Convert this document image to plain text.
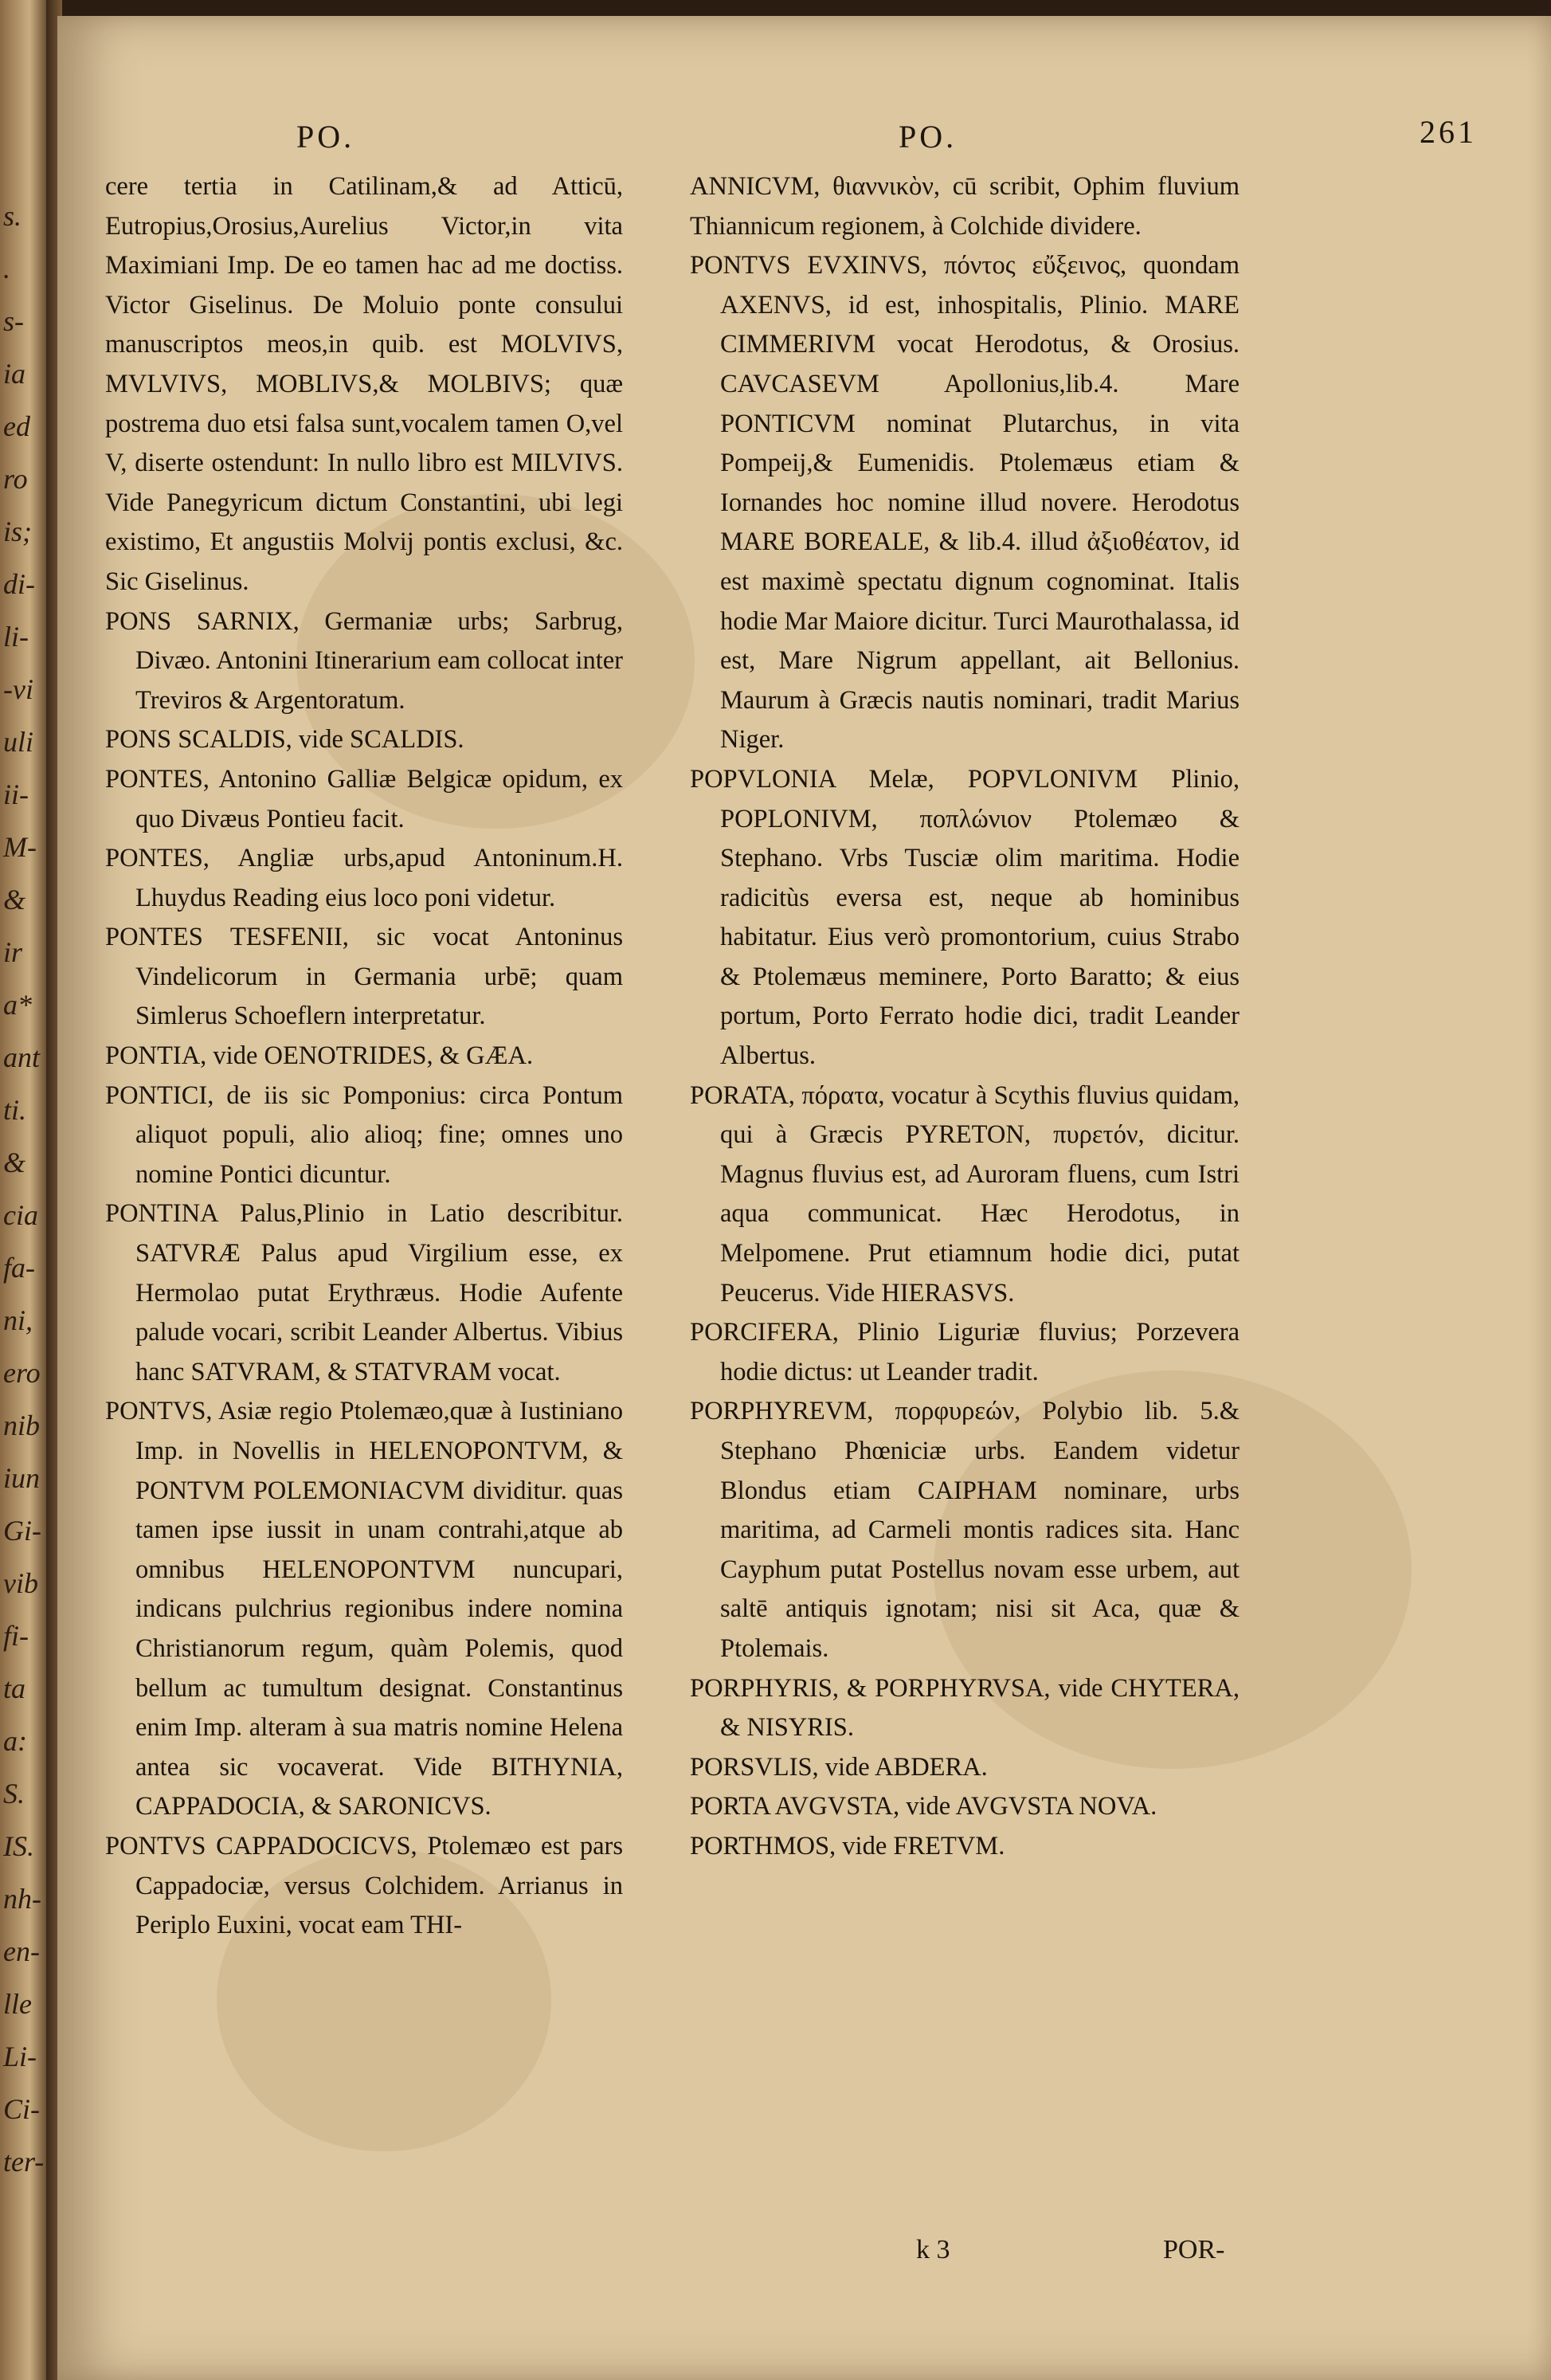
s.
.
s-
ia
ed
ro
is;
di-
li-
-vi
uli
ii-
M-
&
ir
a*
ant
ti.
&
cia
fa-
ni,
ero
nib
iun
Gi-
vib
fi-
ta
a:
S.
IS.
nh-
en-
lle
Li-
Ci-
ter-
PO.	PO.	261

cere tertia in Catilinam,& ad Atticū, Eutropius,Orosius,Aurelius Victor,in vita Maximiani Imp. De eo tamen hac ad me doctiss. Victor Giselinus. De Moluio ponte consului manuscriptos meos,in quib. est MOLVIVS, MVLVIVS, MOBLIVS,& MOLBIVS; quæ postrema duo etsi falsa sunt,vocalem tamen O,vel V, diserte ostendunt: In nullo libro est MILVIVS. Vide Panegyricum dictum Constantini, ubi legi existimo, Et angustiis Molvij pontis exclusi, &c. Sic Giselinus.

PONS SARNIX, Germaniæ urbs; Sarbrug, Divæo. Antonini Itinerarium eam collocat inter Treviros & Argentoratum.

PONS SCALDIS, vide SCALDIS.

PONTES, Antonino Galliæ Belgicæ opidum, ex quo Divæus Pontieu facit.

PONTES, Angliæ urbs,apud Antoninum.H. Lhuydus Reading eius loco poni videtur.

PONTES TESFENII, sic vocat Antoninus Vindelicorum in Germania urbē; quam Simlerus Schoeflern interpretatur.

PONTIA, vide OENOTRIDES, & GÆA.

PONTICI, de iis sic Pomponius: circa Pontum aliquot populi, alio alioq; fine; omnes uno nomine Pontici dicuntur.

PONTINA Palus,Plinio in Latio describitur. SATVRÆ Palus apud Virgilium esse, ex Hermolao putat Erythræus. Hodie Aufente palude vocari, scribit Leander Albertus. Vibius hanc SATVRAM, & STATVRAM vocat.

PONTVS, Asiæ regio Ptolemæo,quæ à Iustiniano Imp. in Novellis in HELENOPONTVM, & PONTVM POLEMONIACVM dividitur. quas tamen ipse iussit in unam contrahi,atque ab omnibus HELENOPONTVM nuncupari, indicans pulchrius regionibus indere nomina Christianorum regum, quàm Polemis, quod bellum ac tumultum designat. Constantinus enim Imp. alteram à sua matris nomine Helena antea sic vocaverat. Vide BITHYNIA, CAPPADOCIA, & SARONICVS.

PONTVS CAPPADOCICVS, Ptolemæo est pars Cappadociæ, versus Colchidem. Arrianus in Periplo Euxini, vocat eam THI-

ANNICVM, θιαννικὸν, cū scribit, Ophim fluvium Thiannicum regionem, à Colchide dividere.

PONTVS EVXINVS, πόντος εὔξεινος, quondam AXENVS, id est, inhospitalis, Plinio. MARE CIMMERIVM vocat Herodotus, & Orosius. CAVCASEVM Apollonius,lib.4. Mare PONTICVM nominat Plutarchus, in vita Pompeij,& Eumenidis. Ptolemæus etiam & Iornandes hoc nomine illud novere. Herodotus MARE BOREALE, & lib.4. illud ἀξιοθέατον, id est maximè spectatu dignum cognominat. Italis hodie Mar Maiore dicitur. Turci Maurothalassa, id est, Mare Nigrum appellant, ait Bellonius. Maurum à Græcis nautis nominari, tradit Marius Niger.

POPVLONIA Melæ, POPVLONIVM Plinio, POPLONIVM, ποπλώνιον Ptolemæo & Stephano. Vrbs Tusciæ olim maritima. Hodie radicitùs eversa est, neque ab hominibus habitatur. Eius verò promontorium, cuius Strabo & Ptolemæus meminere, Porto Baratto; & eius portum, Porto Ferrato hodie dici, tradit Leander Albertus.

PORATA, πόρατα, vocatur à Scythis fluvius quidam, qui à Græcis PYRETON, πυρετόν, dicitur. Magnus fluvius est, ad Auroram fluens, cum Istri aqua communicat. Hæc Herodotus, in Melpomene. Prut etiamnum hodie dici, putat Peucerus. Vide HIERASVS.

PORCIFERA, Plinio Liguriæ fluvius; Porzevera hodie dictus: ut Leander tradit.

PORPHYREVM, πορφυρεών, Polybio lib. 5.& Stephano Phœniciæ urbs. Eandem videtur Blondus etiam CAIPHAM nominare, urbs maritima, ad Carmeli montis radices sita. Hanc Cayphum putat Postellus novam esse urbem, aut saltē antiquis ignotam; nisi sit Aca, quæ & Ptolemais.

PORPHYRIS, & PORPHYRVSA, vide CHYTERA, & NISYRIS.

PORSVLIS, vide ABDERA.

PORTA AVGVSTA, vide AVGVSTA NOVA.

PORTHMOS, vide FRETVM.

k 3	POR-
